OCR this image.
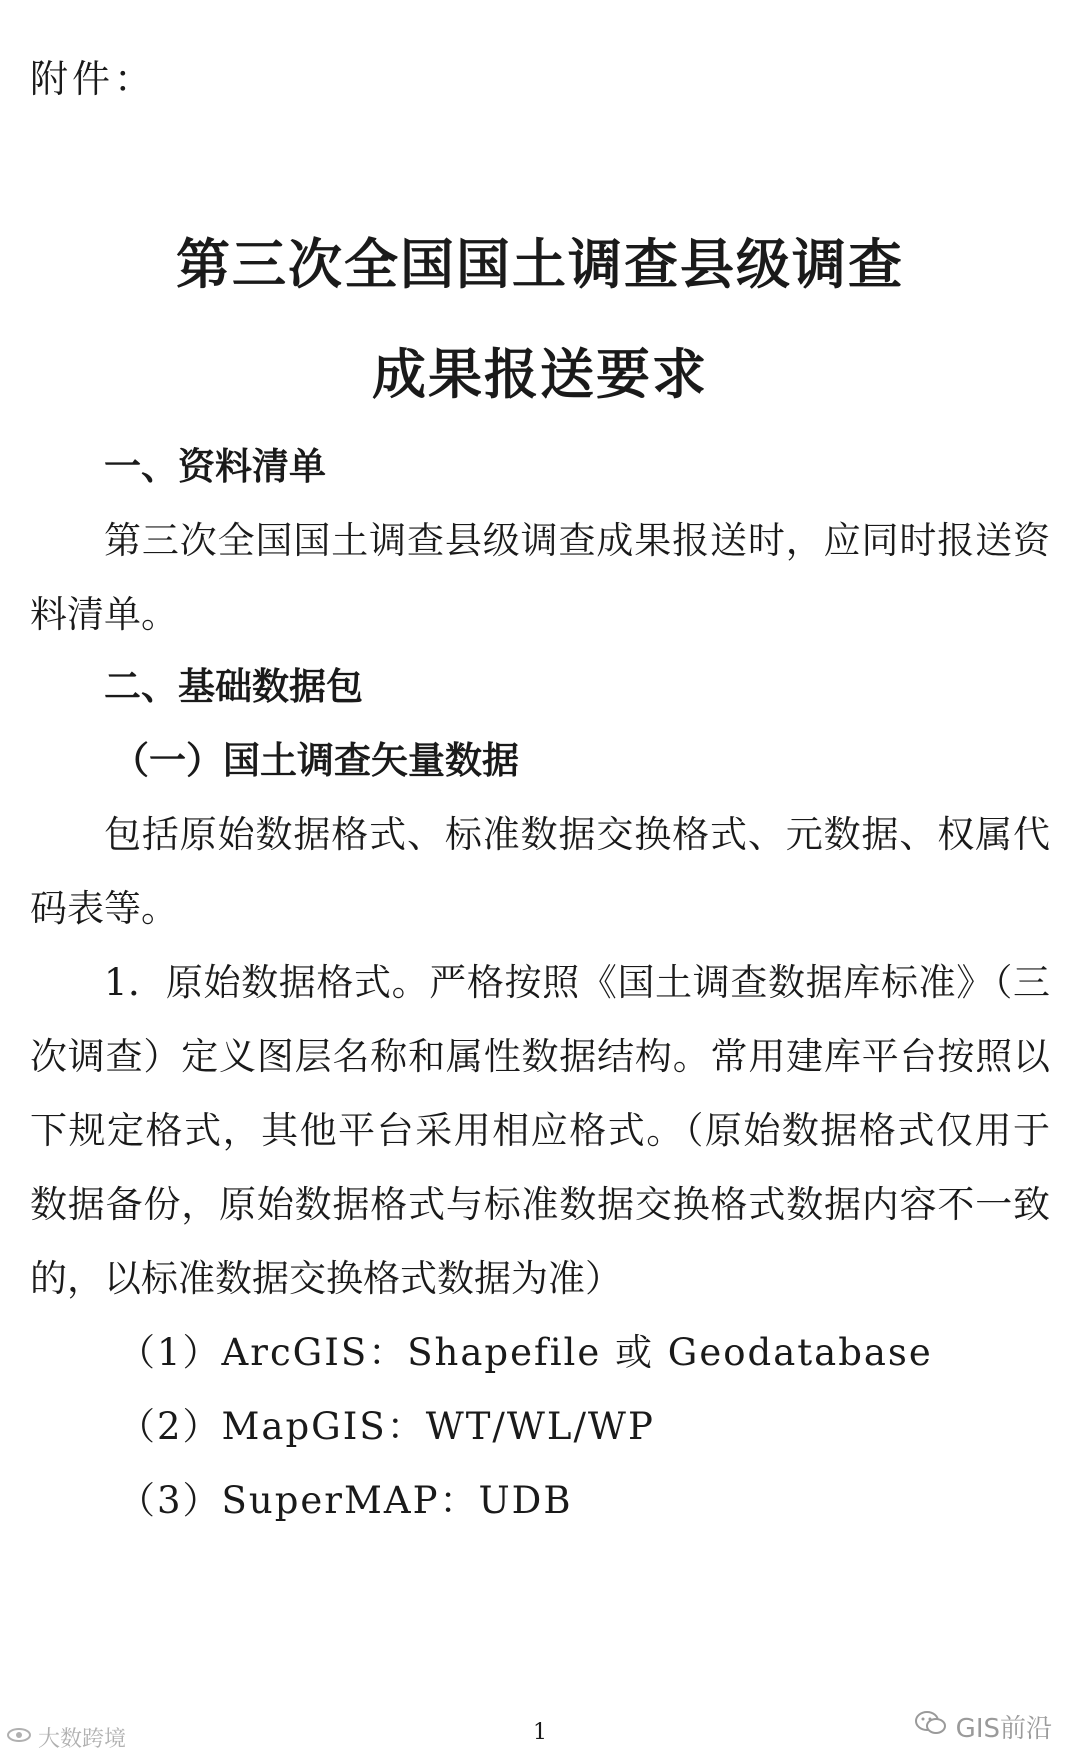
附件：
第三次全国国土调查县级调查
成果报送要求
一、资料清单
第三次全国国土调查县级调查成果报送时，应同时报送资
料清单。
二、基础数据包
（一）国土调查矢量数据
包括原始数据格式、标准数据交换格式、元数据、权属代
码表等。
1．原始数据格式。严格按照《国土调查数据库标准》（三
次调查）定义图层名称和属性数据结构。常用建库平台按照以
下规定格式，其他平台采用相应格式。（原始数据格式仅用于
数据备份，原始数据格式与标准数据交换格式数据内容不一致
的，以标准数据交换格式数据为准）
（1）ArcGIS：Shapefile 或 Geodatabase
（2）MapGIS：WT/WL/WP
（3）SuperMAP：UDB
大数跨境	1	GIS前沿
